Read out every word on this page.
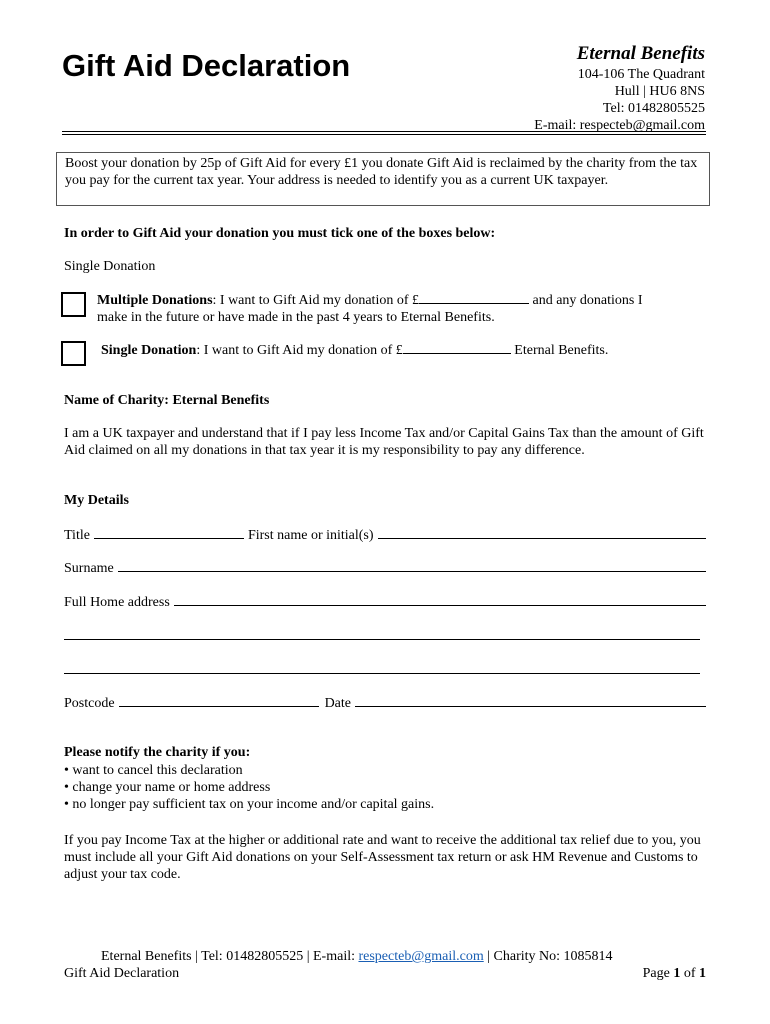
Gift Aid Declaration	Eternal Benefits
104-106 The Quadrant
Hull | HU6 8NS
Tel: 01482805525
E-mail: respecteb@gmail.com
Boost your donation by 25p of Gift Aid for every £1 you donate Gift Aid is reclaimed by the charity from the tax you pay for the current tax year. Your address is needed to identify you as a current UK taxpayer.
In order to Gift Aid your donation you must tick one of the boxes below:
Single Donation
Multiple Donations: I want to Gift Aid my donation of £	and any donations I
make in the future or have made in the past 4 years to Eternal Benefits.
Single Donation: I want to Gift Aid my donation of £	Eternal Benefits.
Name of Charity: Eternal Benefits
I am a UK taxpayer and understand that if I pay less Income Tax and/or Capital Gains Tax than the amount of Gift Aid claimed on all my donations in that tax year it is my responsibility to pay any difference.
My Details
Title	First name or initial(s)
Surname
Full Home address
Postcode	Date
Please notify the charity if you:
• want to cancel this declaration
• change your name or home address
• no longer pay sufficient tax on your income and/or capital gains.
If you pay Income Tax at the higher or additional rate and want to receive the additional tax relief due to you, you must include all your Gift Aid donations on your Self-Assessment tax return or ask HM Revenue and Customs to adjust your tax code.
Eternal Benefits | Tel: 01482805525 | E-mail: respecteb@gmail.com | Charity No: 1085814
Gift Aid Declaration	Page 1 of 1
